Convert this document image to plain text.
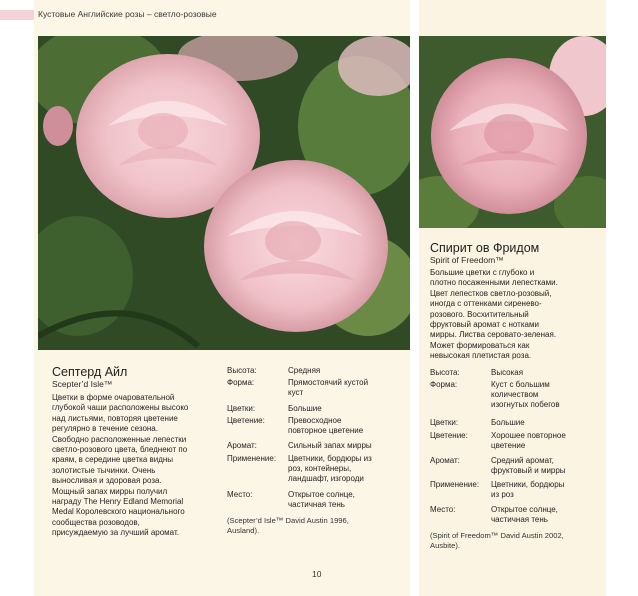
Кустовые Английские розы – светло-розовые
Септерд Айл
Scepter’d Isle™
Цветки в форме очаровательной
глубокой чаши расположены высоко
над листьями, повторяя цветение
регулярно в течение сезона.
Свободно расположенные лепестки
светло-розового цвета, бледнеют по
краям, в середине цветка видны
золотистые тычинки. Очень
выносливая и здоровая роза.
Мощный запах мирры получил
награду The Henry Edland Memorial
Medal Королевского национального
сообщества розоводов,
присуждаемую за лучший аромат.
Высота:	Средняя
Форма:	Прямостоячий кустой
куст
Цветки:	Большие
Цветение:	Превосходное
повторное цветение
Аромат:	Сильный запах мирры
Применение: Цветники, бордюры из
роз, контейнеры,
ландшафт, изгороди
Место:	Открытое солнце,
частичная тень
(Scepter’d Isle™ David Austin 1996,
Ausland).
Спирит ов Фридом
Spirit of Freedom™
Большие цветки с глубоко и
плотно посаженными лепестками.
Цвет лепестков светло-розовый,
иногда с оттенками сиренево-
розового. Восхитительный
фруктовый аромат с нотками
мирры. Листва серовато-зеленая.
Может формироваться как
невысокая плетистая роза.
Высота:	Высокая
Форма:	Куст с большим
количеством
изогнутых побегов
Цветки:	Большие
Цветение:	Хорошее повторное
цветение
Аромат:	Средний аромат,
фруктовый и мирры
Применение: Цветники, бордюры
из роз
Место:	Открытое солнце,
частичная тень
(Spirit of Freedom™ David Austin 2002,
Ausbite).
10
